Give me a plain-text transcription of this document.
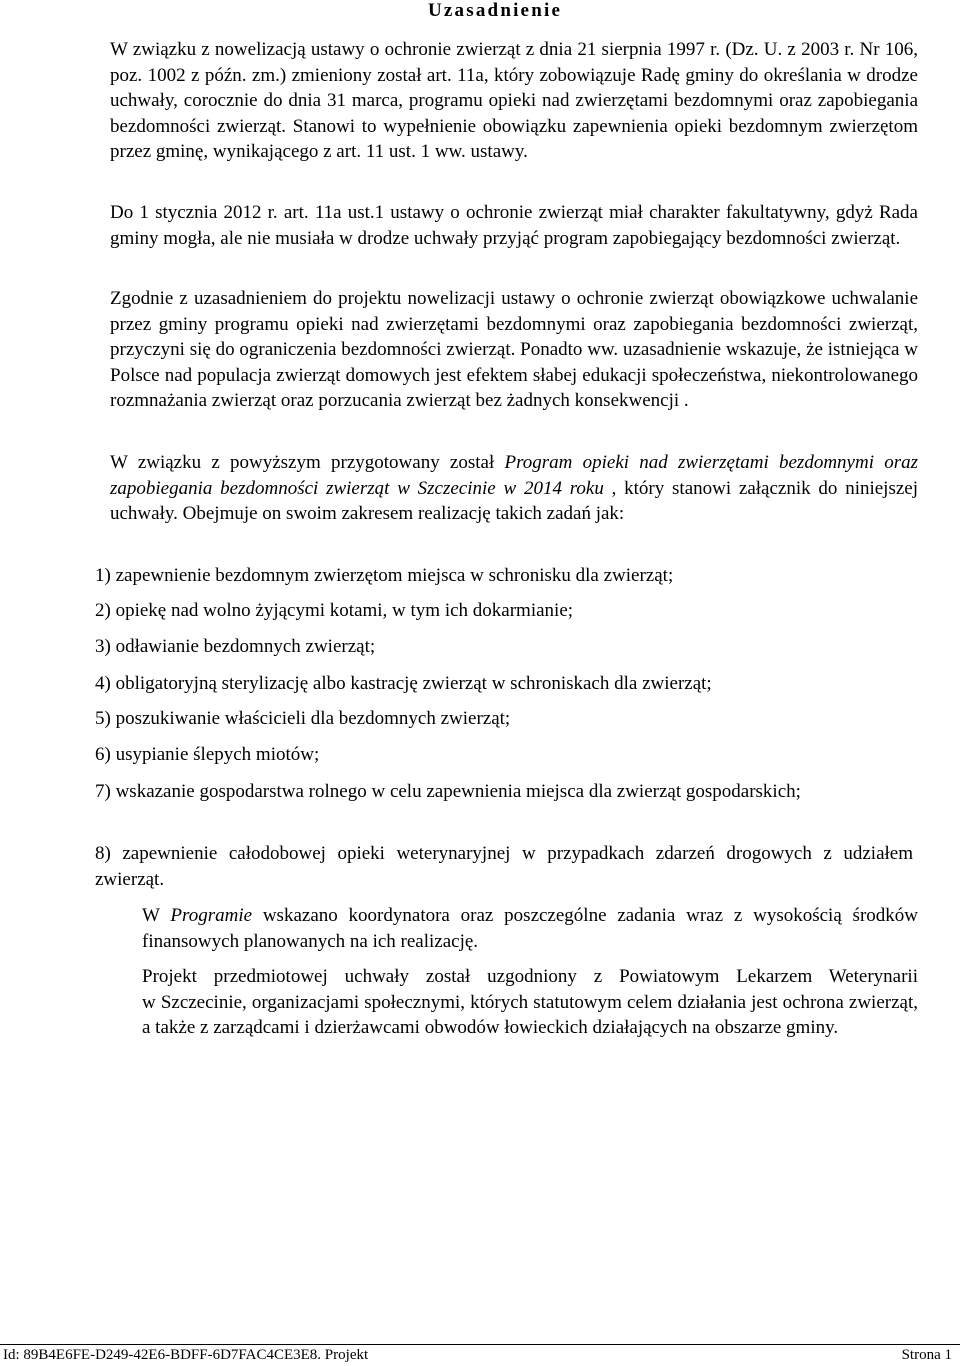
Uzasadnienie
W związku z nowelizacją ustawy o ochronie zwierząt z dnia 21 sierpnia 1997 r. (Dz. U. z 2003 r. Nr 106, poz. 1002 z późn. zm.) zmieniony został art. 11a, który zobowiązuje Radę gminy do określania w drodze uchwały, corocznie do dnia 31 marca, programu opieki nad zwierzętami bezdomnymi oraz zapobiegania bezdomności zwierząt. Stanowi to wypełnienie obowiązku zapewnienia opieki bezdomnym zwierzętom przez gminę, wynikającego z art. 11 ust. 1 ww. ustawy.
Do 1 stycznia 2012 r. art. 11a ust.1 ustawy o ochronie zwierząt miał charakter fakultatywny, gdyż Rada gminy mogła, ale nie musiała w drodze uchwały przyjąć program zapobiegający bezdomności zwierząt.
Zgodnie z uzasadnieniem do projektu nowelizacji ustawy o ochronie zwierząt obowiązkowe uchwalanie przez gminy programu opieki nad zwierzętami bezdomnymi oraz zapobiegania bezdomności zwierząt, przyczyni się do ograniczenia bezdomności zwierząt. Ponadto ww. uzasadnienie wskazuje, że istniejąca w Polsce nad populacja zwierząt domowych jest efektem słabej edukacji społeczeństwa, niekontrolowanego rozmnażania zwierząt oraz porzucania zwierząt bez żadnych konsekwencji .
W związku z powyższym przygotowany został Program opieki nad zwierzętami bezdomnymi oraz zapobiegania bezdomności zwierząt w Szczecinie w 2014 roku , który stanowi załącznik do niniejszej uchwały. Obejmuje on swoim zakresem realizację takich zadań jak:
1) zapewnienie bezdomnym zwierzętom miejsca w schronisku dla zwierząt;
2) opiekę nad wolno żyjącymi kotami, w tym ich dokarmianie;
3) odławianie bezdomnych zwierząt;
4) obligatoryjną sterylizację albo kastrację zwierząt w schroniskach dla zwierząt;
5) poszukiwanie właścicieli dla bezdomnych zwierząt;
6) usypianie ślepych miotów;
7) wskazanie gospodarstwa rolnego w celu zapewnienia miejsca dla zwierząt gospodarskich;
8) zapewnienie całodobowej opieki weterynaryjnej w przypadkach zdarzeń drogowych z udziałem zwierząt.
W Programie wskazano koordynatora oraz poszczególne zadania wraz z wysokością środków finansowych planowanych na ich realizację.
Projekt przedmiotowej uchwały został uzgodniony z Powiatowym Lekarzem Weterynarii
w Szczecinie, organizacjami społecznymi, których statutowym celem działania jest ochrona zwierząt, a także z zarządcami i dzierżawcami obwodów łowieckich działających na obszarze gminy.
Id: 89B4E6FE-D249-42E6-BDFF-6D7FAC4CE3E8. Projekt	Strona 1
